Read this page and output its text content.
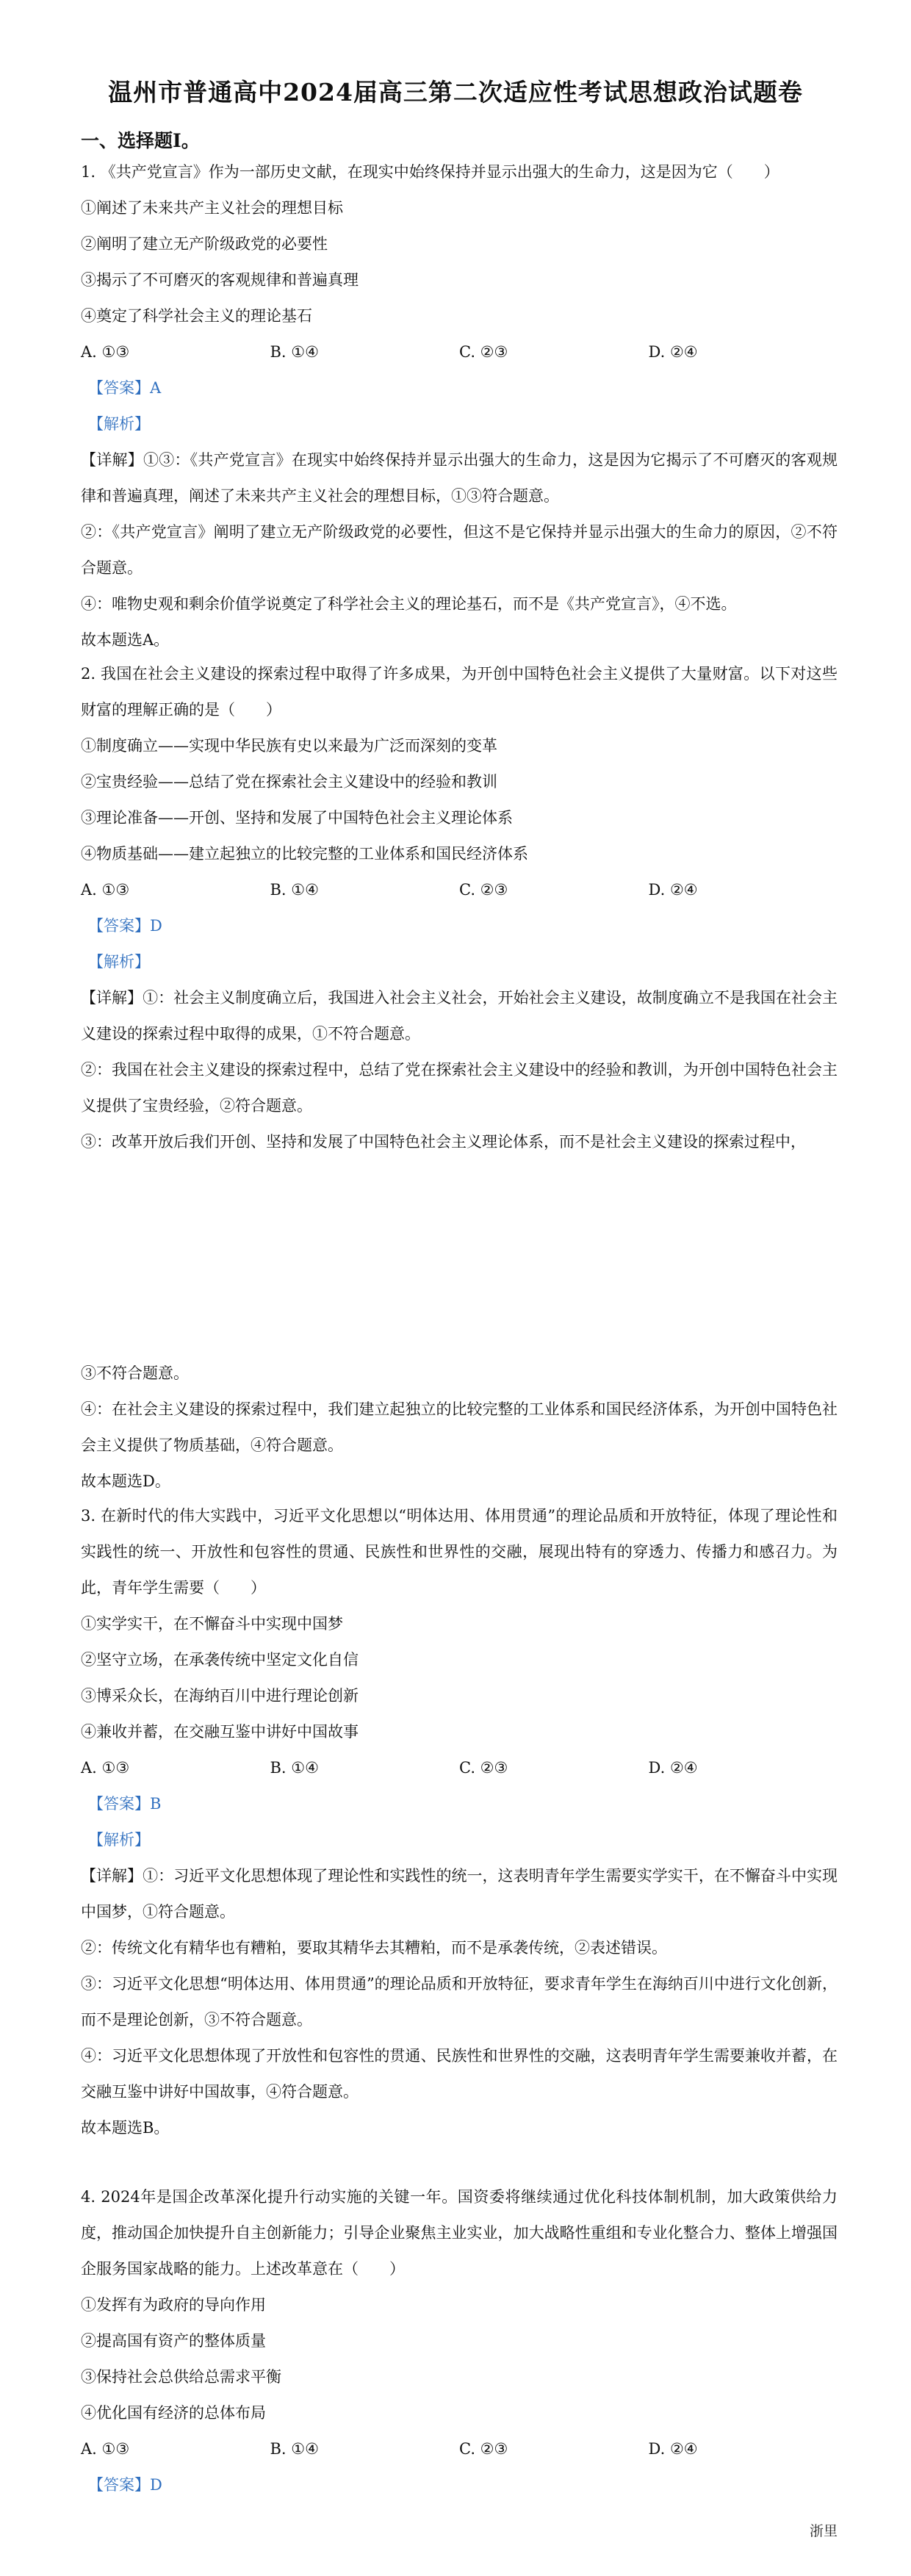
温州市普通高中2024届高三第二次适应性考试思想政治试题卷
一、选择题Ⅰ。

1. 《共产党宣言》作为一部历史文献，在现实中始终保持并显示出强大的生命力，这是因为它（　　）

①阐述了未来共产主义社会的理想目标

②阐明了建立无产阶级政党的必要性

③揭示了不可磨灭的客观规律和普遍真理

④奠定了科学社会主义的理论基石

A. ①③	B. ①④	C. ②③	D. ②④

【答案】A

【解析】

【详解】①③：《共产党宣言》在现实中始终保持并显示出强大的生命力，这是因为它揭示了不可磨灭的客观规律和普遍真理，阐述了未来共产主义社会的理想目标，①③符合题意。

②：《共产党宣言》阐明了建立无产阶级政党的必要性，但这不是它保持并显示出强大的生命力的原因，②不符合题意。

④：唯物史观和剩余价值学说奠定了科学社会主义的理论基石，而不是《共产党宣言》，④不选。

故本题选A。

2. 我国在社会主义建设的探索过程中取得了许多成果，为开创中国特色社会主义提供了大量财富。以下对这些财富的理解正确的是（　　）

①制度确立——实现中华民族有史以来最为广泛而深刻的变革

②宝贵经验——总结了党在探索社会主义建设中的经验和教训

③理论准备——开创、坚持和发展了中国特色社会主义理论体系

④物质基础——建立起独立的比较完整的工业体系和国民经济体系

A. ①③	B. ①④	C. ②③	D. ②④

【答案】D

【解析】

【详解】①：社会主义制度确立后，我国进入社会主义社会，开始社会主义建设，故制度确立不是我国在社会主义建设的探索过程中取得的成果，①不符合题意。

②：我国在社会主义建设的探索过程中，总结了党在探索社会主义建设中的经验和教训，为开创中国特色社会主义提供了宝贵经验，②符合题意。

③：改革开放后我们开创、坚持和发展了中国特色社会主义理论体系，而不是社会主义建设的探索过程中，

③不符合题意。

④：在社会主义建设的探索过程中，我们建立起独立的比较完整的工业体系和国民经济体系，为开创中国特色社会主义提供了物质基础，④符合题意。

故本题选D。

3. 在新时代的伟大实践中，习近平文化思想以“明体达用、体用贯通”的理论品质和开放特征，体现了理论性和实践性的统一、开放性和包容性的贯通、民族性和世界性的交融，展现出特有的穿透力、传播力和感召力。为此，青年学生需要（　　）

①实学实干，在不懈奋斗中实现中国梦

②坚守立场，在承袭传统中坚定文化自信

③博采众长，在海纳百川中进行理论创新

④兼收并蓄，在交融互鉴中讲好中国故事

A. ①③	B. ①④	C. ②③	D. ②④

【答案】B

【解析】

【详解】①：习近平文化思想体现了理论性和实践性的统一，这表明青年学生需要实学实干，在不懈奋斗中实现中国梦，①符合题意。

②：传统文化有精华也有糟粕，要取其精华去其糟粕，而不是承袭传统，②表述错误。

③：习近平文化思想“明体达用、体用贯通”的理论品质和开放特征，要求青年学生在海纳百川中进行文化创新，而不是理论创新，③不符合题意。

④：习近平文化思想体现了开放性和包容性的贯通、民族性和世界性的交融，这表明青年学生需要兼收并蓄，在交融互鉴中讲好中国故事，④符合题意。

故本题选B。

4. 2024年是国企改革深化提升行动实施的关键一年。国资委将继续通过优化科技体制机制，加大政策供给力度，推动国企加快提升自主创新能力；引导企业聚焦主业实业，加大战略性重组和专业化整合力、整体上增强国企服务国家战略的能力。上述改革意在（　　）

①发挥有为政府的导向作用

②提高国有资产的整体质量

③保持社会总供给总需求平衡

④优化国有经济的总体布局

A. ①③	B. ①④	C. ②③	D. ②④

【答案】D

浙里
